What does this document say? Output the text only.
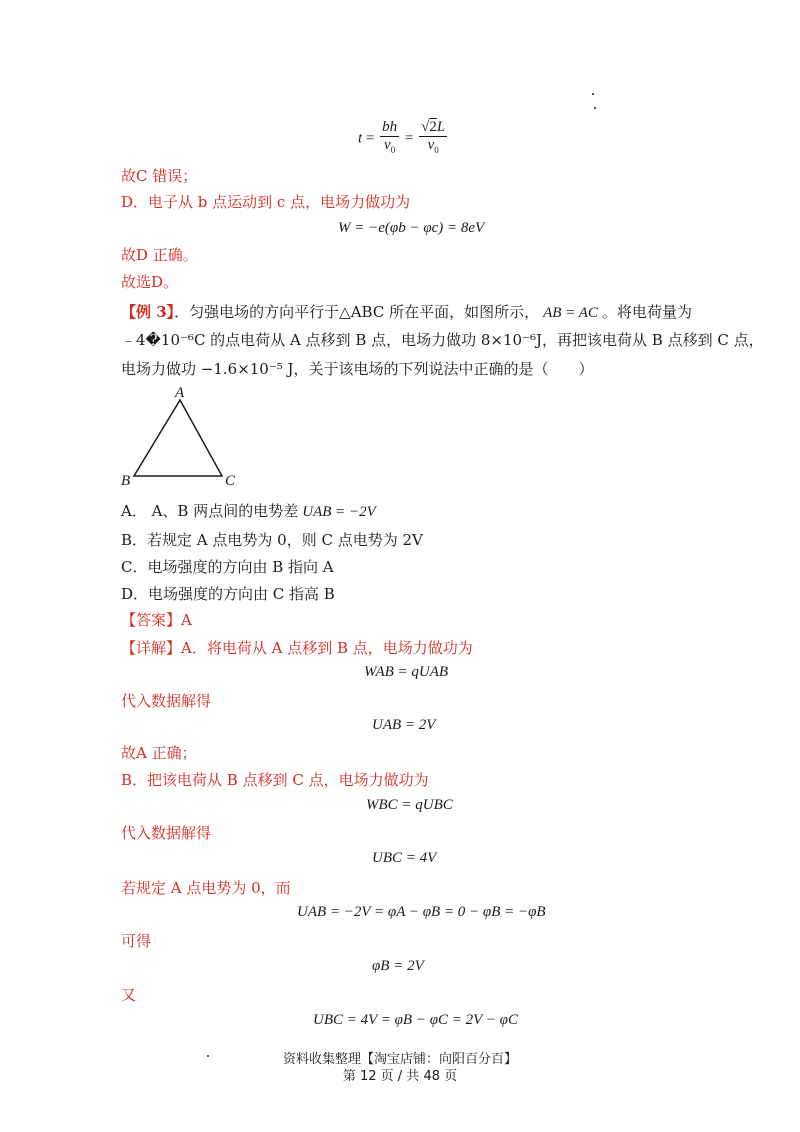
$t = \frac{bh}{v_0} = \frac{√2L}{v_0}$
故C 错误；
D．电子从 b 点运动到 c 点，电场力做功为
W = −e(φb − φc) = 8eV
故D 正确。
故选D。
【例 3】．匀强电场的方向平行于△ABC 所在平面，如图所示， AB = AC 。将电荷量为
﹣4�10⁻⁶C 的点电荷从 A 点移到 B 点，电场力做功 8×10⁻⁶J，再把该电荷从 B 点移到 C 点，
电场力做功 −1.6×10⁻⁵ J，关于该电场的下列说法中正确的是（　　）
A
B	C
A． A、B 两点间的电势差 UAB = −2V
B．若规定 A 点电势为 0，则 C 点电势为 2V
C．电场强度的方向由 B 指向 A
D．电场强度的方向由 C 指高 B
【答案】A
【详解】A．将电荷从 A 点移到 B 点，电场力做功为
WAB = qUAB
代入数据解得
UAB = 2V
故A 正确；
B．把该电荷从 B 点移到 C 点，电场力做功为
WBC = qUBC
代入数据解得
UBC = 4V
若规定 A 点电势为 0，而
UAB = −2V = φA − φB = 0 − φB = −φB
可得
φB = 2V
又
UBC = 4V = φB − φC = 2V − φC
资料收集整理【淘宝店铺：向阳百分百】
第 12 页 / 共 48 页
